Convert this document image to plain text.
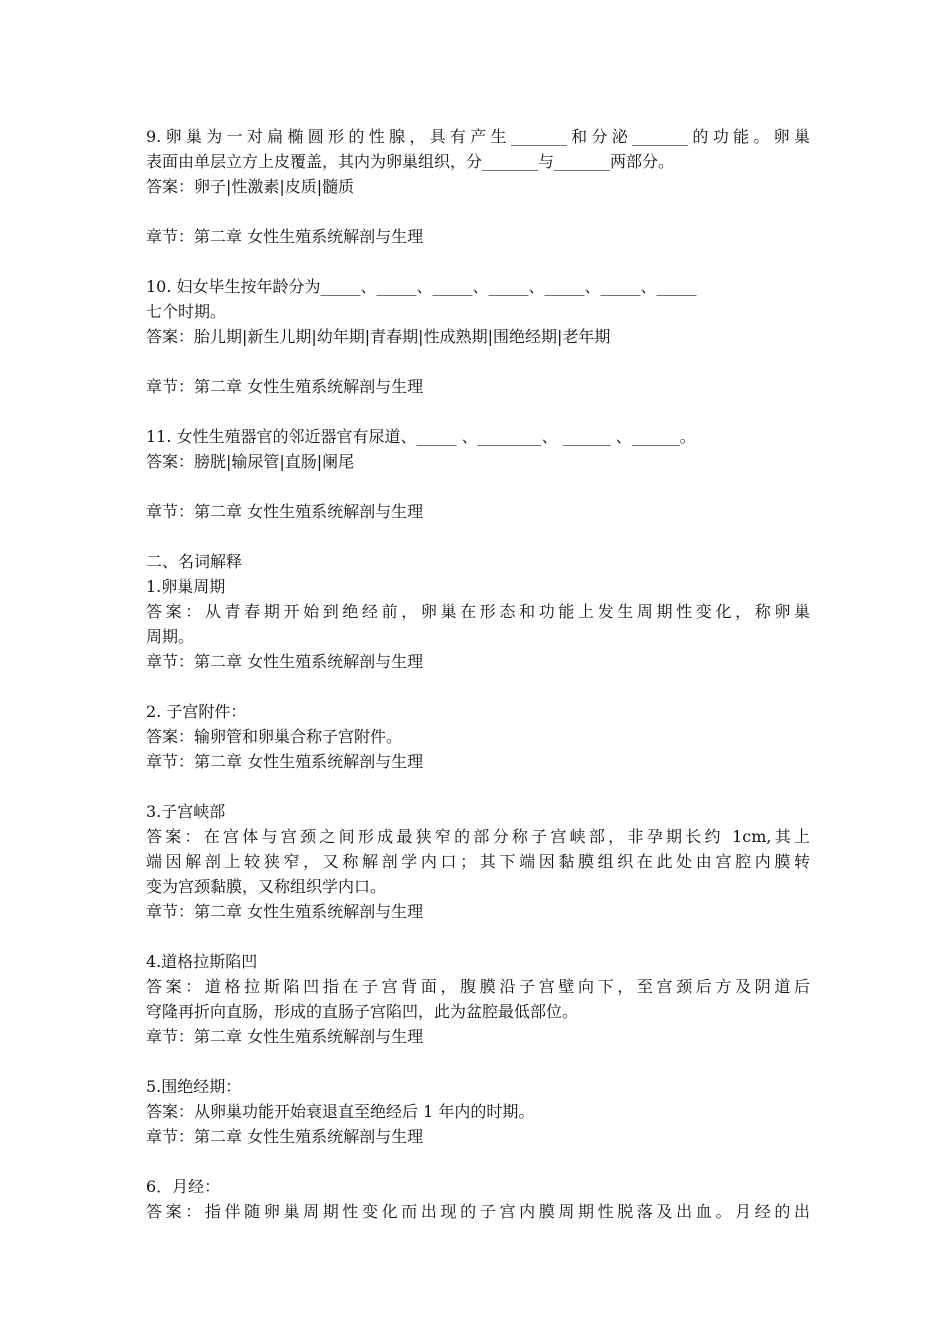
9.卵巢为一对扁椭圆形的性腺，具有产生_______和分泌_______的功能。卵巢
表面由单层立方上皮覆盖，其内为卵巢组织，分_______与_______两部分。
答案：卵子|性激素|皮质|髓质
章节：第二章 女性生殖系统解剖与生理
10. 妇女毕生按年龄分为_____、_____、_____、_____、_____、_____、_____
七个时期。
答案：胎儿期|新生儿期|幼年期|青春期|性成熟期|围绝经期|老年期
章节：第二章 女性生殖系统解剖与生理
11. 女性生殖器官的邻近器官有尿道、_____ 、________、 ______ 、______。
答案：膀胱|输尿管|直肠|阑尾
章节：第二章 女性生殖系统解剖与生理
二、名词解释
1.卵巢周期
答案：从青春期开始到绝经前，卵巢在形态和功能上发生周期性变化，称卵巢
周期。
章节：第二章 女性生殖系统解剖与生理
2. 子宫附件：
答案：输卵管和卵巢合称子宫附件。
章节：第二章 女性生殖系统解剖与生理
3.子宫峡部
答案：在宫体与宫颈之间形成最狭窄的部分称子宫峡部，非孕期长约 1cm,其上
端因解剖上较狭窄，又称解剖学内口；其下端因黏膜组织在此处由宫腔内膜转
变为宫颈黏膜，又称组织学内口。
章节：第二章 女性生殖系统解剖与生理
4.道格拉斯陷凹
答案：道格拉斯陷凹指在子宫背面，腹膜沿子宫壁向下，至宫颈后方及阴道后
穹隆再折向直肠，形成的直肠子宫陷凹，此为盆腔最低部位。
章节：第二章 女性生殖系统解剖与生理
5.围绝经期：
答案：从卵巢功能开始衰退直至绝经后 1 年内的时期。
章节：第二章 女性生殖系统解剖与生理
6．月经：
答案：指伴随卵巢周期性变化而出现的子宫内膜周期性脱落及出血。月经的出
